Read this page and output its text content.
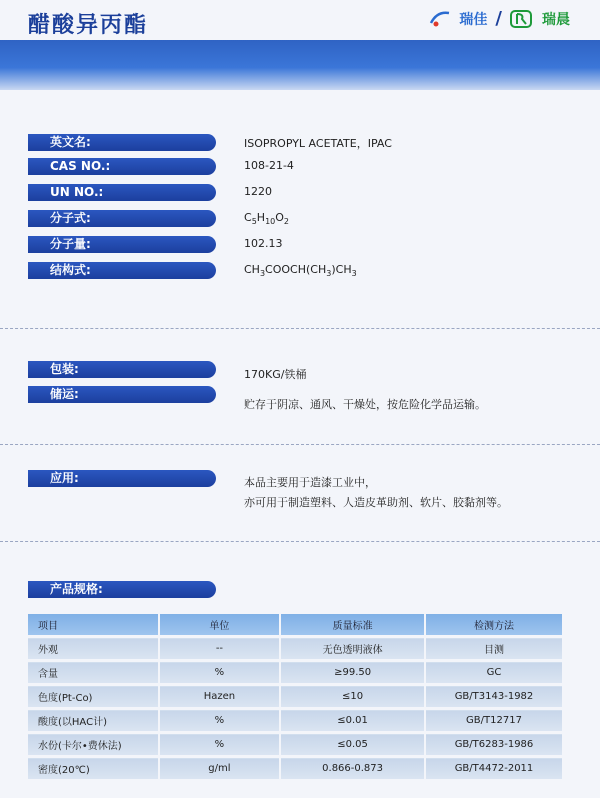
醋酸异丙酯	瑞佳 /	瑞晨
英文名:	ISOPROPYL ACETATE，IPAC
CAS NO.:	108-21-4
UN NO.:	1220
分子式:	$C_5H_{10}O_2$
分子量:	102.13
结构式:	$CH_3COOCH(CH_3)CH_3$
包装:	170KG/铁桶
储运:
贮存于阴凉、通风、干燥处，按危险化学品运输。
应用:	本品主要用于造漆工业中，
亦可用于制造塑料、人造皮革助剂、软片、胶黏剂等。
产品规格:
项目	单位	质量标准	检测方法
外观	--	无色透明液体	目测
含量	%	≥99.50	GC
色度(Pt-Co)	Hazen	≤10	GB/T3143-1982
酸度(以HAC计)	%	≤0.01	GB/T12717
水份(卡尔•费休法)	%	≤0.05	GB/T6283-1986
密度(20℃)	g/ml	0.866-0.873	GB/T4472-2011
